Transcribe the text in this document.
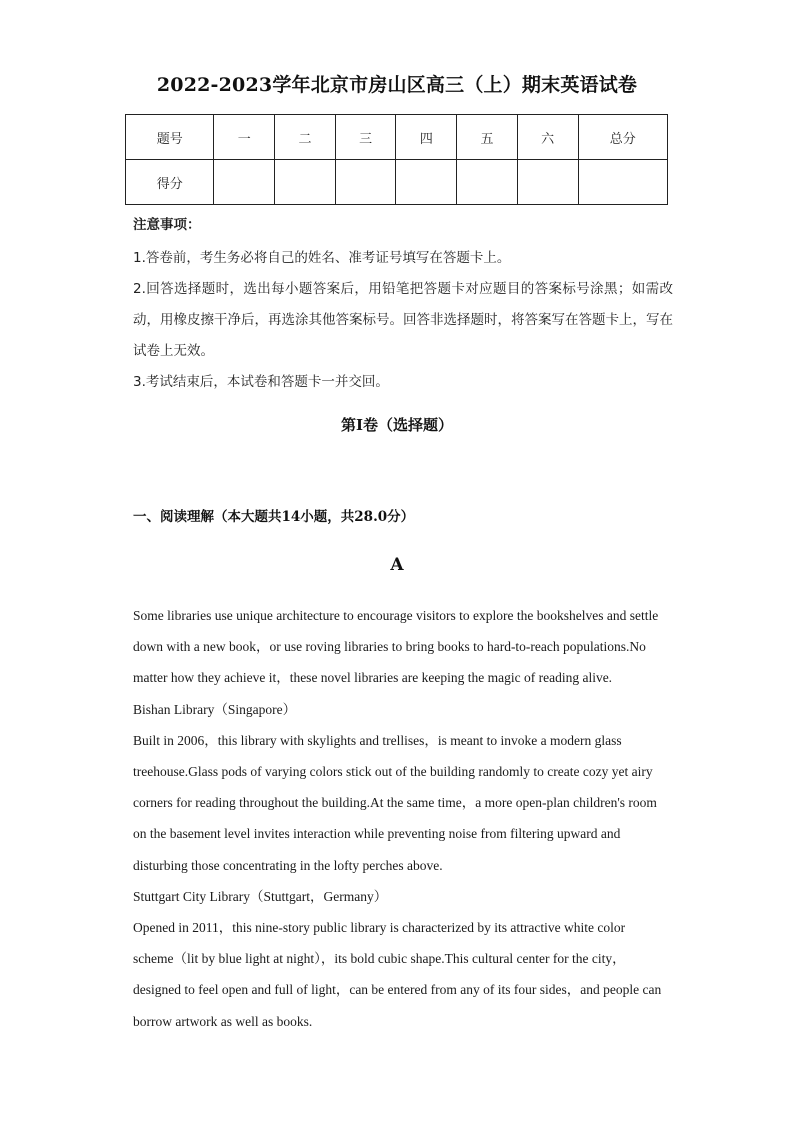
2022-2023学年北京市房山区高三（上）期末英语试卷
题号	一	二	三	四	五	六	总分
得分							
注意事项：
1.答卷前，考生务必将自己的姓名、准考证号填写在答题卡上。
2.回答选择题时，选出每小题答案后，用铅笔把答题卡对应题目的答案标号涂黑；如需改动，用橡皮擦干净后，再选涂其他答案标号。回答非选择题时，将答案写在答题卡上，写在试卷上无效。
3.考试结束后，本试卷和答题卡一并交回。
第I卷（选择题）
一、阅读理解（本大题共14小题，共28.0分）
A

Some libraries use unique architecture to encourage visitors to explore the bookshelves and settle down with a new book，or use roving libraries to bring books to hard-to-reach populations.No matter how they achieve it，these novel libraries are keeping the magic of reading alive.

Bishan Library（Singapore）

Built in 2006，this library with skylights and trellises，is meant to invoke a modern glass treehouse.Glass pods of varying colors stick out of the building randomly to create cozy yet airy corners for reading throughout the building.At the same time，a more open-plan children's room on the basement level invites interaction while preventing noise from filtering upward and disturbing those concentrating in the lofty perches above.

Stuttgart City Library（Stuttgart，Germany）

Opened in 2011，this nine-story public library is characterized by its attractive white color scheme（lit by blue light at night），its bold cubic shape.This cultural center for the city，designed to feel open and full of light，can be entered from any of its four sides，and people can borrow artwork as well as books.
